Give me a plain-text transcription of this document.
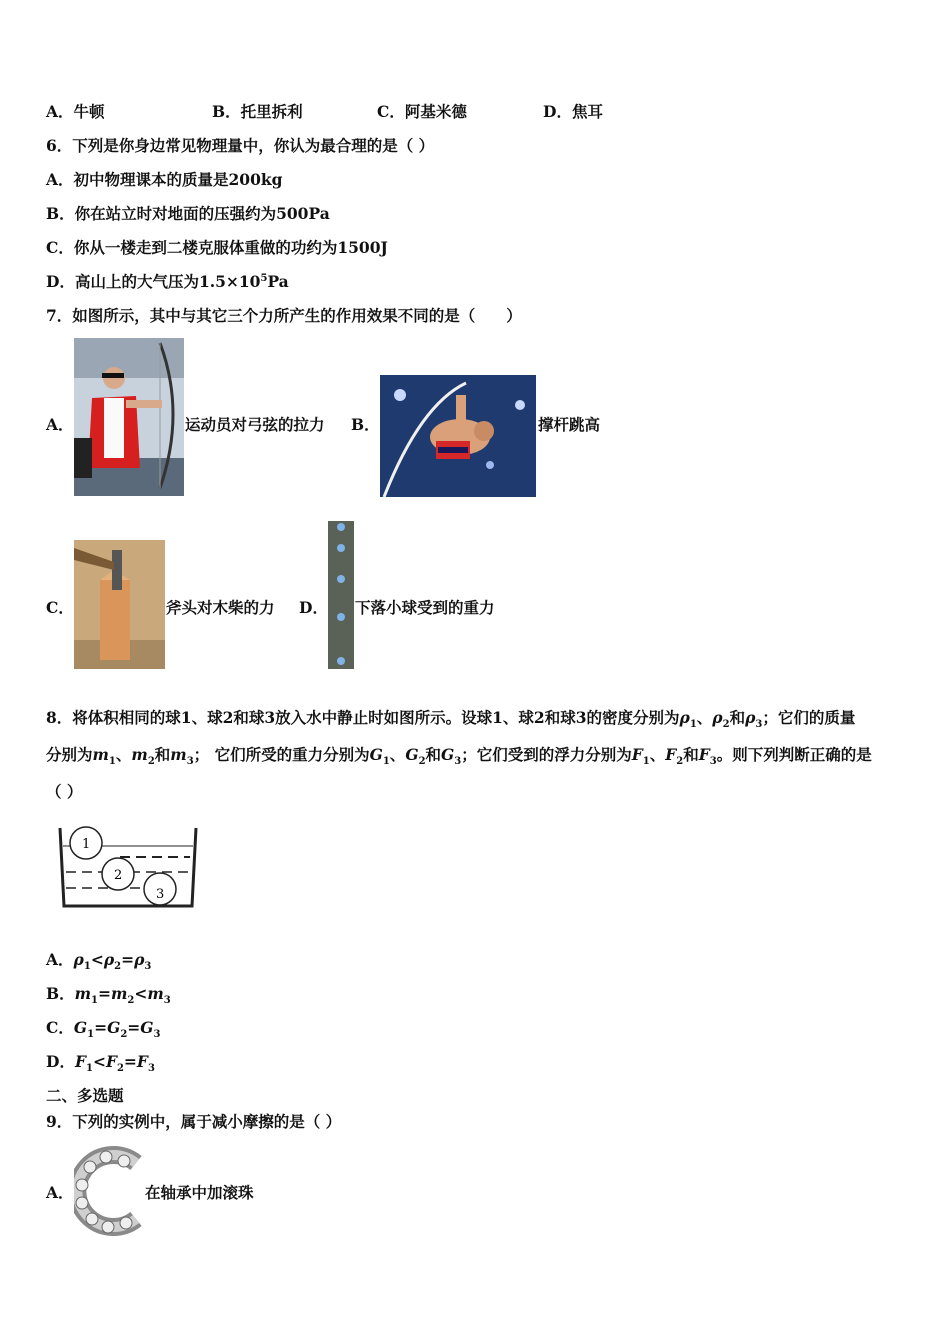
A．牛顿	B．托里拆利	C．阿基米德	D．焦耳
6．下列是你身边常见物理量中，你认为最合理的是（ ）
A．初中物理课本的质量是200kg
B．你在站立时对地面的压强约为500Pa
C．你从一楼走到二楼克服体重做的功约为1500J
D．高山上的大气压为$1.5\times 10^5Pa$
7．如图所示，其中与其它三个力所产生的作用效果不同的是（　　）
A．	运动员对弓弦的拉力 B．	撑杆跳高
C．	斧头对木柴的力 D． 下落小球受到的重力
8．将体积相同的球1、球2和球3放入水中静止时如图所示。设球1、球2和球3的密度分别为$\rho_1$、$\rho_2$和$\rho_3$；它们的质量
分别为$m_1$、$m_2$和$m_3$； 它们所受的重力分别为$G_1$、$G_2$和$G_3$；它们受到的浮力分别为$F_1$、$F_2$和$F_3$。则下列判断正确的是
（ ）
1
2
3
A．$\rho_1<\rho_2=\rho_3$
B．$m_1=m_2<m_3$
C．$G_1=G_2=G_3$
D．$F_1<F_2=F_3$
二、多选题
9．下列的实例中，属于减小摩擦的是（ ）
A．	在轴承中加滚珠
